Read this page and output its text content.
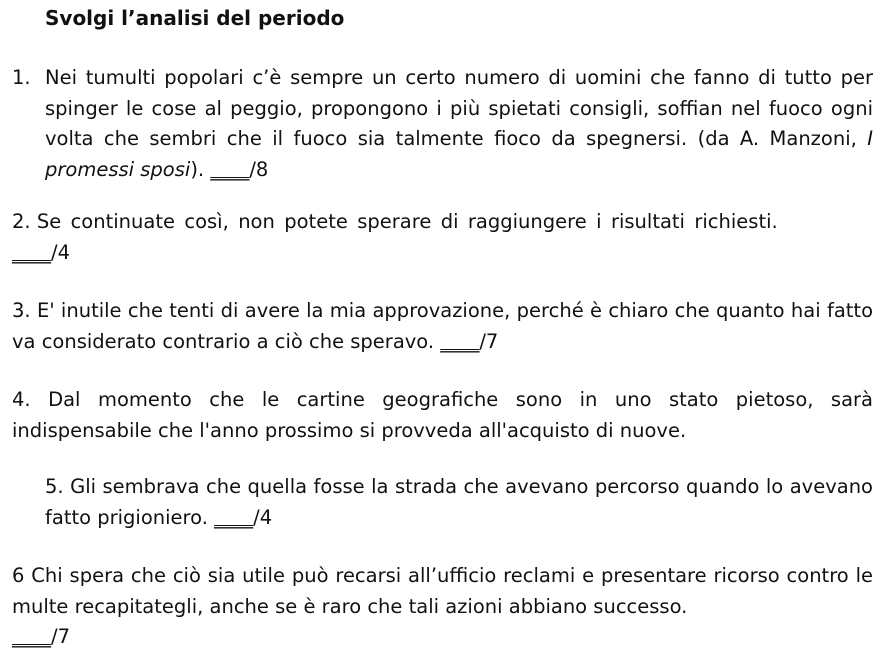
Svolgi l’analisi del periodo
1. Nei tumulti popolari c’è sempre un certo numero di uomini che fanno di tutto per spinger le cose al peggio, propongono i più spietati consigli, soffian nel fuoco ogni volta che sembri che il fuoco sia talmente fioco da spegnersi. (da A. Manzoni, I promessi sposi). ____/8
2. Se continuate così, non potete sperare di raggiungere i risultati richiesti.
____/4
3. E' inutile che tenti di avere la mia approvazione, perché è chiaro che quanto hai fatto va considerato contrario a ciò che speravo. ____/7
4. Dal momento che le cartine geografiche sono in uno stato pietoso, sarà indispensabile che l'anno prossimo si provveda all'acquisto di nuove.
5. Gli sembrava che quella fosse la strada che avevano percorso quando lo avevano fatto prigioniero. ____/4
6 Chi spera che ciò sia utile può recarsi all’ufficio reclami e presentare ricorso contro le multe recapitategli, anche se è raro che tali azioni abbiano successo.
____/7
